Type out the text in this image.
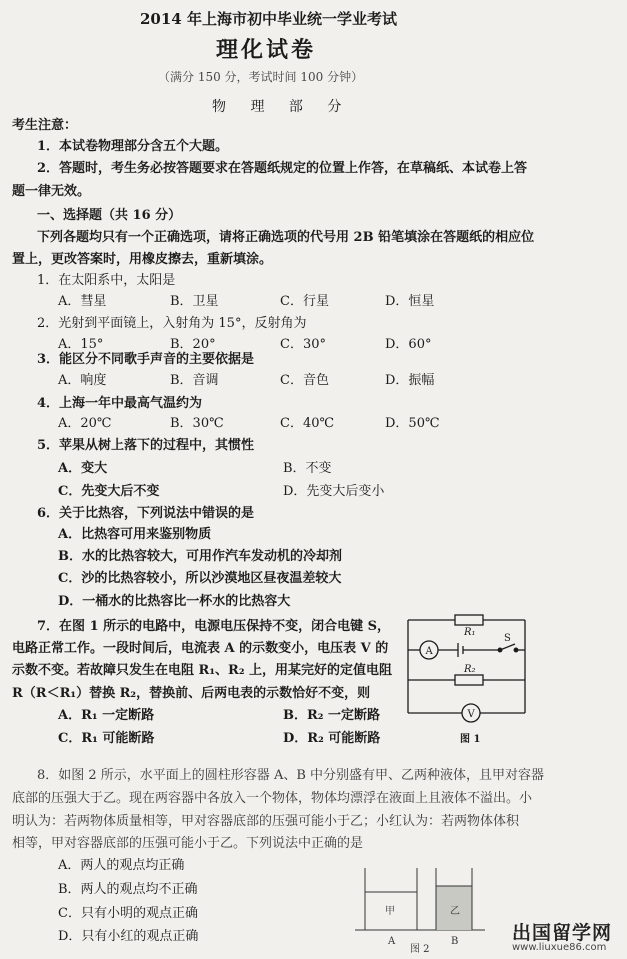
2014 年上海市初中毕业统一学业考试
理化试卷
（满分 150 分，考试时间 100 分钟）
物 理 部 分
考生注意：
1．本试卷物理部分含五个大题。
2．答题时，考生务必按答题要求在答题纸规定的位置上作答，在草稿纸、本试卷上答
题一律无效。
一、选择题（共 16 分）
下列各题均只有一个正确选项，请将正确选项的代号用 2B 铅笔填涂在答题纸的相应位
置上，更改答案时，用橡皮擦去，重新填涂。
1．在太阳系中，太阳是
A．彗星	B．卫星	C．行星	D．恒星
2．光射到平面镜上，入射角为 15°，反射角为
A．15°	B．20°	C．30°	D．60°
3．能区分不同歌手声音的主要依据是
A．响度	B．音调	C．音色	D．振幅
4．上海一年中最高气温约为
A．20℃	B．30℃	C．40℃	D．50℃
5．苹果从树上落下的过程中，其惯性
A．变大	B．不变
C．先变大后不变	D．先变大后变小
6．关于比热容，下列说法中错误的是
A．比热容可用来鉴别物质
B．水的比热容较大，可用作汽车发动机的冷却剂
C．沙的比热容较小，所以沙漠地区昼夜温差较大
D．一桶水的比热容比一杯水的比热容大
7．在图 1 所示的电路中，电源电压保持不变，闭合电键 S，
电路正常工作。一段时间后，电流表 A 的示数变小，电压表 V 的
示数不变。若故障只发生在电阻 R₁、R₂ 上，用某完好的定值电阻
R（R＜R₁）替换 R₂，替换前、后两电表的示数恰好不变，则
A．R₁ 一定断路	B．R₂ 一定断路
C．R₁ 可能断路	D．R₂ 可能断路
R₁
R₂
S
A
V
图 1
8．如图 2 所示，水平面上的圆柱形容器 A、B 中分别盛有甲、乙两种液体，且甲对容器
底部的压强大于乙。现在两容器中各放入一个物体，物体均漂浮在液面上且液体不溢出。小
明认为：若两物体质量相等，甲对容器底部的压强可能小于乙；小红认为：若两物体体积
相等，甲对容器底部的压强可能小于乙。下列说法中正确的是
A．两人的观点均正确
B．两人的观点均不正确
C．只有小明的观点正确
D．只有小红的观点正确
甲	乙
A	B
图 2
出国留学网
www.liuxue86.com
